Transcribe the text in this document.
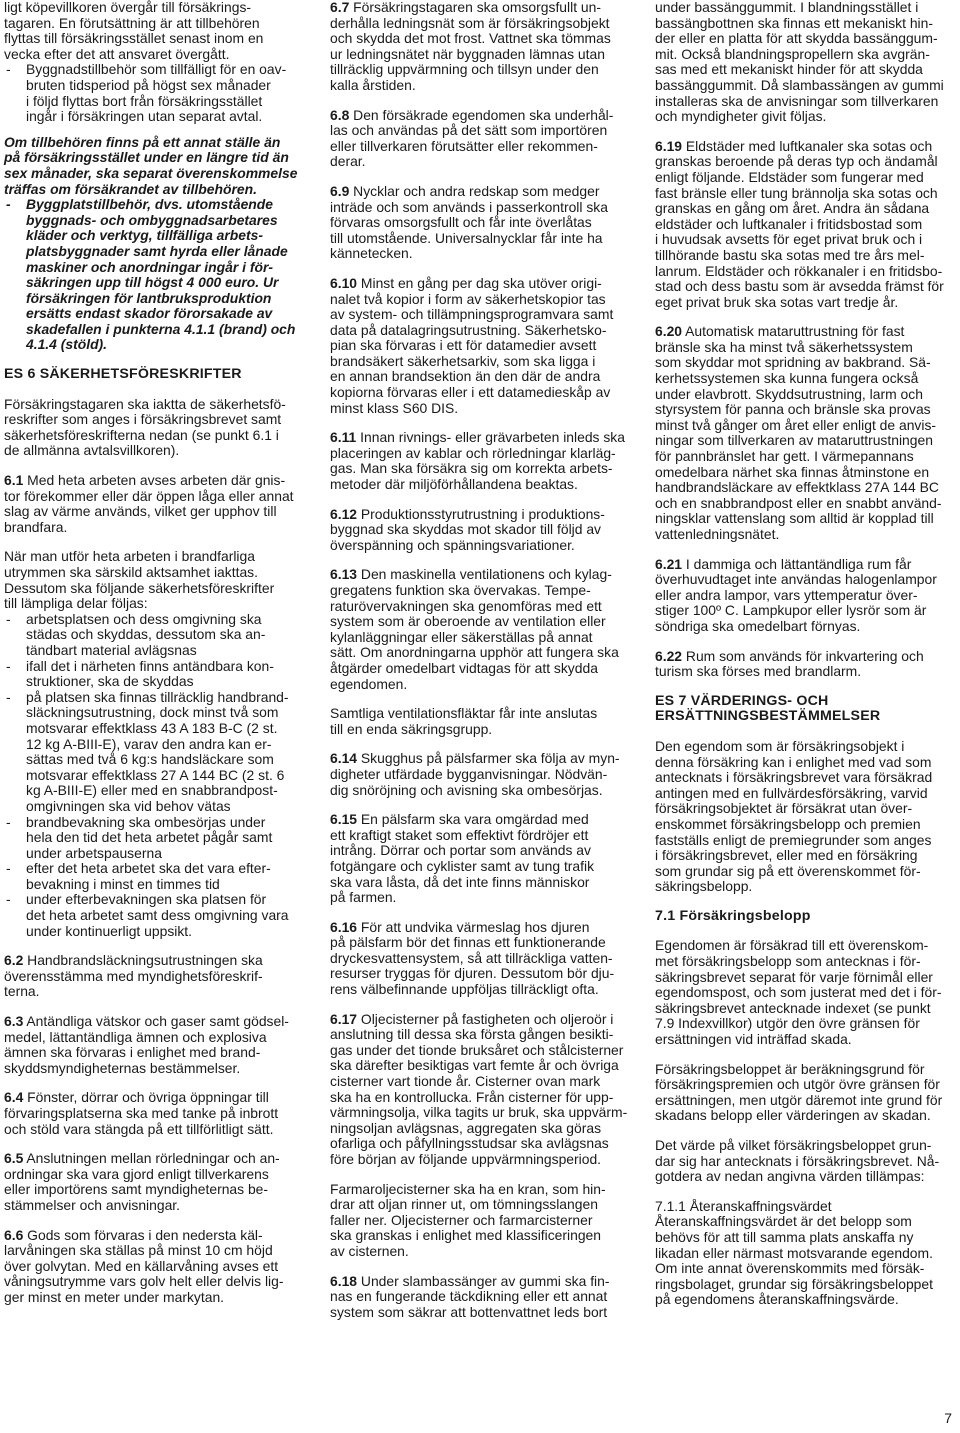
ligt köpevillkoren övergår till försäkrings-
tagaren. En förutsättning är att tillbehören
flyttas till försäkringsstället senast inom en
vecka efter det att ansvaret övergått.

- Byggnadstillbehör som tillfälligt för en oav-
bruten tidsperiod på högst sex månader
i följd flyttas bort från försäkringsstället
ingår i försäkringen utan separat avtal.

Om tillbehören finns på ett annat ställe än
på försäkringsstället under en längre tid än
sex månader, ska separat överenskommelse
träffas om försäkrandet av tillbehören.

- Byggplatstillbehör, dvs. utomstående
byggnads- och ombyggnadsarbetares
kläder och verktyg, tillfälliga arbets-
platsbyggnader samt hyrda eller lånade
maskiner och anordningar ingår i för-
säkringen upp till högst 4 000 euro. Ur
försäkringen för lantbruksproduktion
ersätts endast skador förorsakade av
skadefallen i punkterna 4.1.1 (brand) och
4.1.4 (stöld).

ES 6 SÄKERHETSFÖRESKRIFTER

Försäkringstagaren ska iaktta de säkerhetsfö-
reskrifter som anges i försäkringsbrevet samt
säkerhetsföreskrifterna nedan (se punkt 6.1 i
de allmänna avtalsvillkoren).

6.1 Med heta arbeten avses arbeten där gnis-
tor förekommer eller där öppen låga eller annat
slag av värme används, vilket ger upphov till
brandfara.

När man utför heta arbeten i brandfarliga
utrymmen ska särskild aktsamhet iakttas.
Dessutom ska följande säkerhetsföreskrifter
till lämpliga delar följas:

- arbetsplatsen och dess omgivning ska
städas och skyddas, dessutom ska an-
tändbart material avlägsnas
- ifall det i närheten finns antändbara kon-
struktioner, ska de skyddas
- på platsen ska finnas tillräcklig handbrand-
släckningsutrustning, dock minst två som
motsvarar effektklass 43 A 183 B-C (2 st.
12 kg A-BIII-E), varav den andra kan er-
sättas med två 6 kg:s handsläckare som
motsvarar effektklass 27 A 144 BC (2 st. 6
kg A-BIII-E) eller med en snabbrandpost-
omgivningen ska vid behov vätas
- brandbevakning ska ombesörjas under
hela den tid det heta arbetet pågår samt
under arbetspauserna
- efter det heta arbetet ska det vara efter-
bevakning i minst en timmes tid
- under efterbevakningen ska platsen för
det heta arbetet samt dess omgivning vara
under kontinuerligt uppsikt.

6.2 Handbrandsläckningsutrustningen ska
överensstämma med myndighetsföreskrif-
terna.

6.3 Antändliga vätskor och gaser samt gödsel-
medel, lättantändliga ämnen och explosiva
ämnen ska förvaras i enlighet med brand-
skyddsmyndigheternas bestämmelser.

6.4 Fönster, dörrar och övriga öppningar till
förvaringsplatserna ska med tanke på inbrott
och stöld vara stängda på ett tillförlitligt sätt.

6.5 Anslutningen mellan rörledningar och an-
ordningar ska vara gjord enligt tillverkarens
eller importörens samt myndigheternas be-
stämmelser och anvisningar.

6.6 Gods som förvaras i den nedersta käl-
larvåningen ska ställas på minst 10 cm höjd
över golvytan. Med en källarvåning avses ett
våningsutrymme vars golv helt eller delvis lig-
ger minst en meter under markytan.

6.7 Försäkringstagaren ska omsorgsfullt un-
derhålla ledningsnät som är försäkringsobjekt
och skydda det mot frost. Vattnet ska tömmas
ur ledningsnätet när byggnaden lämnas utan
tillräcklig uppvärmning och tillsyn under den
kalla årstiden.

6.8 Den försäkrade egendomen ska underhål-
las och användas på det sätt som importören
eller tillverkaren förutsätter eller rekommen-
derar.

6.9 Nycklar och andra redskap som medger
inträde och som används i passerkontroll ska
förvaras omsorgsfullt och får inte överlåtas
till utomstående. Universalnycklar får inte ha
kännetecken.

6.10 Minst en gång per dag ska utöver origi-
nalet två kopior i form av säkerhetskopior tas
av system- och tillämpningsprogramvara samt
data på datalagringsutrustning. Säkerhetsko-
pian ska förvaras i ett för datamedier avsett
brandsäkert säkerhetsarkiv, som ska ligga i
en annan brandsektion än den där de andra
kopiorna förvaras eller i ett datamedieskåp av
minst klass S60 DIS.

6.11 Innan rivnings- eller grävarbeten inleds ska
placeringen av kablar och rörledningar klarläg-
gas. Man ska försäkra sig om korrekta arbets-
metoder där miljöförhållandena beaktas.

6.12 Produktionsstyrutrustning i produktions-
byggnad ska skyddas mot skador till följd av
överspänning och spänningsvariationer.

6.13 Den maskinella ventilationens och kylag-
gregatens funktion ska övervakas. Tempe-
raturövervakningen ska genomföras med ett
system som är oberoende av ventilation eller
kylanläggningar eller säkerställas på annat
sätt. Om anordningarna upphör att fungera ska
åtgärder omedelbart vidtagas för att skydda
egendomen.

Samtliga ventilationsfläktar får inte anslutas
till en enda säkringsgrupp.

6.14 Skugghus på pälsfarmer ska följa av myn-
digheter utfärdade bygganvisningar. Nödvän-
dig snöröjning och avisning ska ombesörjas.

6.15 En pälsfarm ska vara omgärdad med
ett kraftigt staket som effektivt fördröjer ett
intrång. Dörrar och portar som används av
fotgängare och cyklister samt av tung trafik
ska vara låsta, då det inte finns människor
på farmen.

6.16 För att undvika värmeslag hos djuren
på pälsfarm bör det finnas ett funktionerande
dryckesvattensystem, så att tillräckliga vatten-
resurser tryggas för djuren. Dessutom bör dju-
rens välbefinnande uppföljas tillräckligt ofta.

6.17 Oljecisterner på fastigheten och oljeroör i
anslutning till dessa ska första gången besikti-
gas under det tionde bruksåret och stålcisterner
ska därefter besiktigas vart femte år och övriga
cisterner vart tionde år. Cisterner ovan mark
ska ha en kontrollucka. Från cisterner för upp-
värmningsolja, vilka tagits ur bruk, ska uppvärm-
ningsoljan avlägsnas, aggregaten ska göras
ofarliga och påfyllningsstudsar ska avlägsnas
före början av följande uppvärmningsperiod.

Farmaroljecisterner ska ha en kran, som hin-
drar att oljan rinner ut, om tömningsslangen
faller ner. Oljecisterner och farmarcisterner
ska granskas i enlighet med klassificeringen
av cisternen.

6.18 Under slambassänger av gummi ska fin-
nas en fungerande täckdikning eller ett annat
system som säkrar att bottenvattnet leds bort

under bassänggummit. I blandningsstället i
bassängbottnen ska finnas ett mekaniskt hin-
der eller en platta för att skydda bassänggum-
mit. Också blandningspropellern ska avgrän-
sas med ett mekaniskt hinder för att skydda
bassänggummit. Då slambassängen av gummi
installeras ska de anvisningar som tillverkaren
och myndigheter givit följas.

6.19 Eldstäder med luftkanaler ska sotas och
granskas beroende på deras typ och ändamål
enligt följande. Eldstäder som fungerar med
fast bränsle eller tung brännolja ska sotas och
granskas en gång om året. Andra än sådana
eldstäder och luftkanaler i fritidsbostad som
i huvudsak avsetts för eget privat bruk och i
tillhörande bastu ska sotas med tre års mel-
lanrum. Eldstäder och rökkanaler i en fritidsbo-
stad och dess bastu som är avsedda främst för
eget privat bruk ska sotas vart tredje år.

6.20 Automatisk mataruttrustning för fast
bränsle ska ha minst två säkerhetssystem
som skyddar mot spridning av bakbrand. Sä-
kerhetssystemen ska kunna fungera också
under elavbrott. Skyddsutrustning, larm och
styrsystem för panna och bränsle ska provas
minst två gånger om året eller enligt de anvis-
ningar som tillverkaren av mataruttrustningen
för pannbränslet har gett. I värmepannans
omedelbara närhet ska finnas åtminstone en
handbrandsläckare av effektklass 27A 144 BC
och en snabbrandpost eller en snabbt använd-
ningsklar vattenslang som alltid är kopplad till
vattenledningsnätet.

6.21 I dammiga och lättantändliga rum får
överhuvudtaget inte användas halogenlampor
eller andra lampor, vars yttemperatur över-
stiger 100º C. Lampkupor eller lysrör som är
söndriga ska omedelbart förnyas.

6.22 Rum som används för inkvartering och
turism ska förses med brandlarm.

ES 7 VÄRDERINGS- OCH
ERSÄTTNINGSBESTÄMMELSER

Den egendom som är försäkringsobjekt i
denna försäkring kan i enlighet med vad som
antecknats i försäkringsbrevet vara försäkrad
antingen med en fullvärdesförsäkring, varvid
försäkringsobjektet är försäkrat utan över-
enskommet försäkringsbelopp och premien
fastställs enligt de premiegrunder som anges
i försäkringsbrevet, eller med en försäkring
som grundar sig på ett överenskommet för-
säkringsbelopp.

7.1 Försäkringsbelopp

Egendomen är försäkrad till ett överenskom-
met försäkringsbelopp som antecknas i för-
säkringsbrevet separat för varje förnimål eller
egendomspost, och som justerat med det i för-
säkringsbrevet antecknade indexet (se punkt
7.9 Indexvillkor) utgör den övre gränsen för
ersättningen vid inträffad skada.

Försäkringsbeloppet är beräkningsgrund för
försäkringspremien och utgör övre gränsen för
ersättningen, men utgör däremot inte grund för
skadans belopp eller värderingen av skadan.

Det värde på vilket försäkringsbeloppet grun-
dar sig har antecknats i försäkringsbrevet. Nå-
gotdera av nedan angivna värden tillämpas:

7.1.1 Återanskaffningsvärdet

Återanskaffningsvärdet är det belopp som
behövs för att till samma plats anskaffa ny
likadan eller närmast motsvarande egendom.
Om inte annat överenskommits med försäk-
ringsbolaget, grundar sig försäkringsbeloppet
på egendomens återanskaffningsvärde.

7
